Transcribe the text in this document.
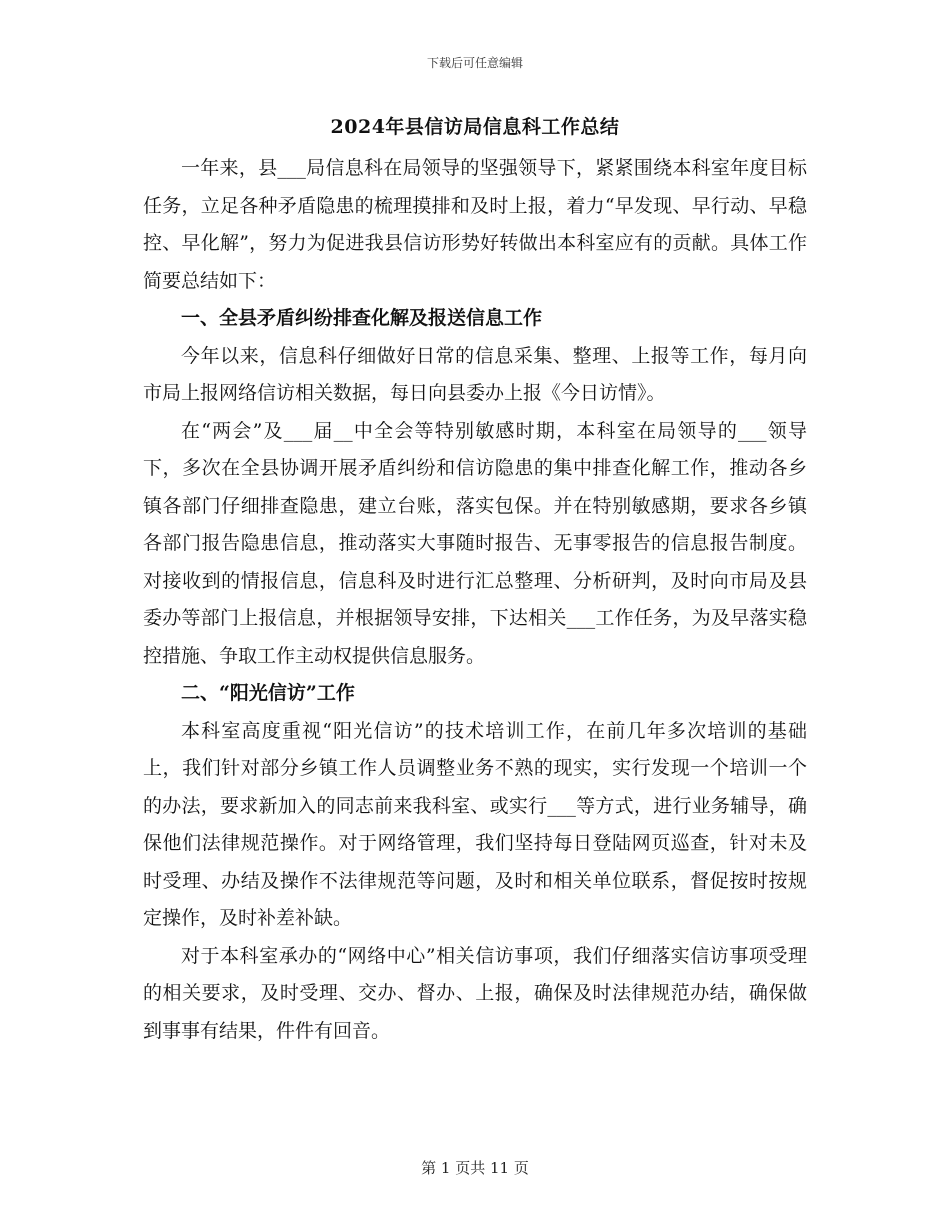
下载后可任意编辑
2024年县信访局信息科工作总结

一年来，县___局信息科在局领导的坚强领导下，紧紧围绕本科室年度目标任务，立足各种矛盾隐患的梳理摸排和及时上报，着力“早发现、早行动、早稳控、早化解”，努力为促进我县信访形势好转做出本科室应有的贡献。具体工作简要总结如下：

一、全县矛盾纠纷排查化解及报送信息工作

今年以来，信息科仔细做好日常的信息采集、整理、上报等工作，每月向市局上报网络信访相关数据，每日向县委办上报《今日访情》。

在“两会”及___届__中全会等特别敏感时期，本科室在局领导的___领导下，多次在全县协调开展矛盾纠纷和信访隐患的集中排查化解工作，推动各乡镇各部门仔细排查隐患，建立台账，落实包保。并在特别敏感期，要求各乡镇各部门报告隐患信息，推动落实大事随时报告、无事零报告的信息报告制度。对接收到的情报信息，信息科及时进行汇总整理、分析研判，及时向市局及县委办等部门上报信息，并根据领导安排，下达相关___工作任务，为及早落实稳控措施、争取工作主动权提供信息服务。

二、“阳光信访”工作

本科室高度重视“阳光信访”的技术培训工作，在前几年多次培训的基础上，我们针对部分乡镇工作人员调整业务不熟的现实，实行发现一个培训一个的办法，要求新加入的同志前来我科室、或实行___等方式，进行业务辅导，确保他们法律规范操作。对于网络管理，我们坚持每日登陆网页巡查，针对未及时受理、办结及操作不法律规范等问题，及时和相关单位联系，督促按时按规定操作，及时补差补缺。

对于本科室承办的“网络中心”相关信访事项，我们仔细落实信访事项受理的相关要求，及时受理、交办、督办、上报，确保及时法律规范办结，确保做到事事有结果，件件有回音。

第 1 页共 11 页
